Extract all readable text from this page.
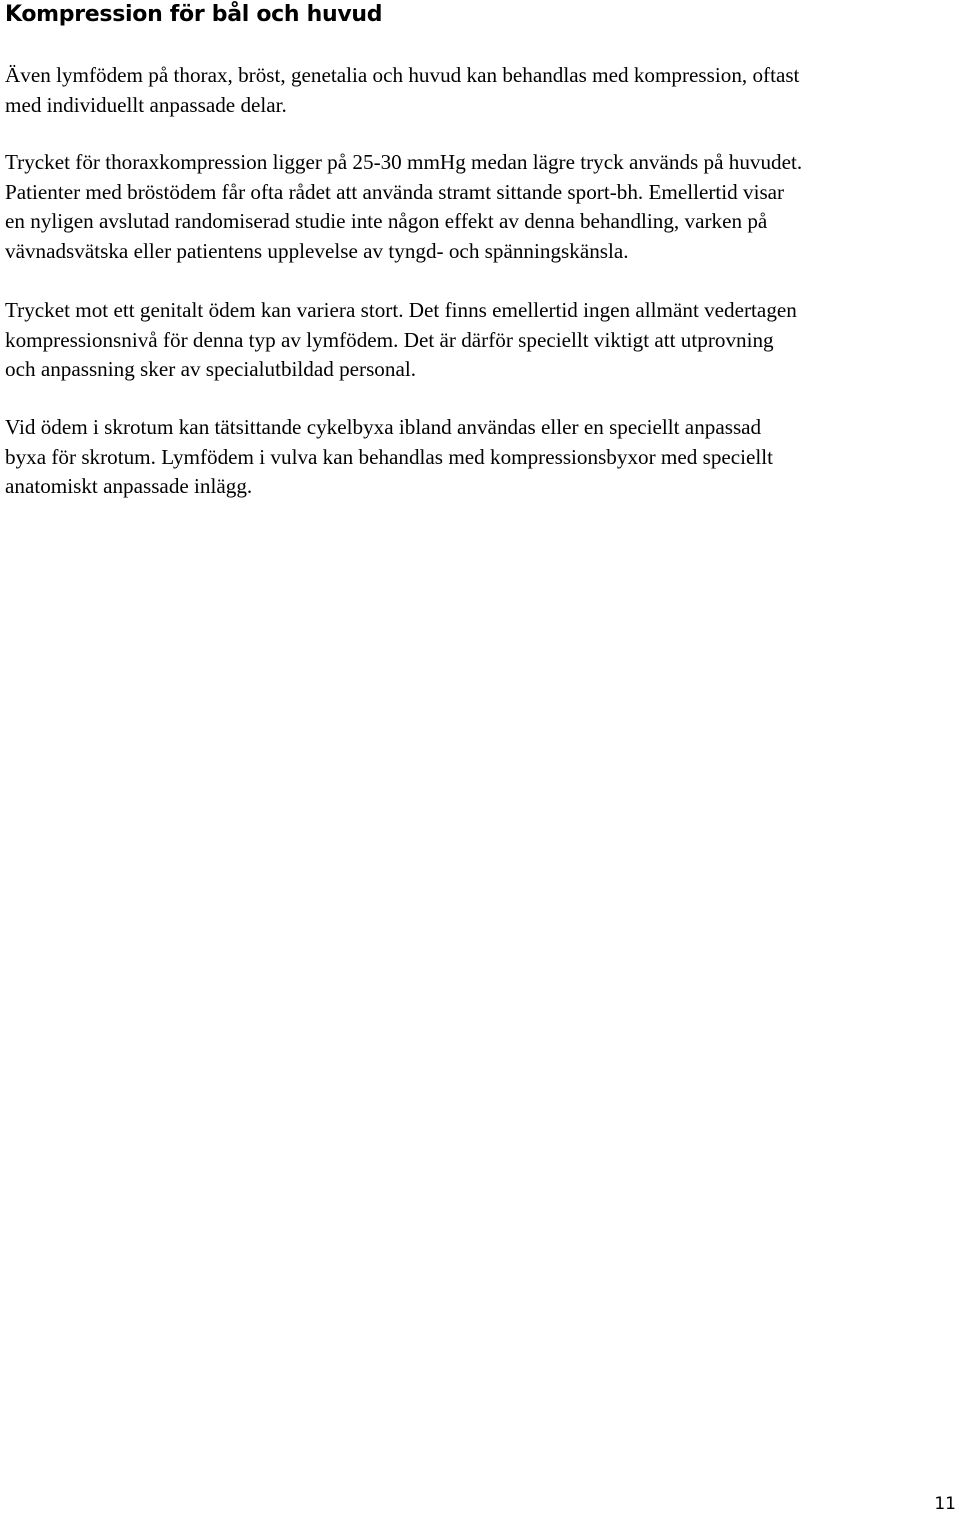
Kompression för bål och huvud

Även lymfödem på thorax, bröst, genetalia och huvud kan behandlas med kompression, oftast
med individuellt anpassade delar.

Trycket för thoraxkompression ligger på 25-30 mmHg medan lägre tryck används på huvudet.
Patienter med bröstödem får ofta rådet att använda stramt sittande sport-bh. Emellertid visar
en nyligen avslutad randomiserad studie inte någon effekt av denna behandling, varken på
vävnadsvätska eller patientens upplevelse av tyngd- och spänningskänsla.

Trycket mot ett genitalt ödem kan variera stort. Det finns emellertid ingen allmänt vedertagen
kompressionsnivå för denna typ av lymfödem. Det är därför speciellt viktigt att utprovning
och anpassning sker av specialutbildad personal.

Vid ödem i skrotum kan tätsittande cykelbyxa ibland användas eller en speciellt anpassad
byxa för skrotum. Lymfödem i vulva kan behandlas med kompressionsbyxor med speciellt
anatomiskt anpassade inlägg.

11
